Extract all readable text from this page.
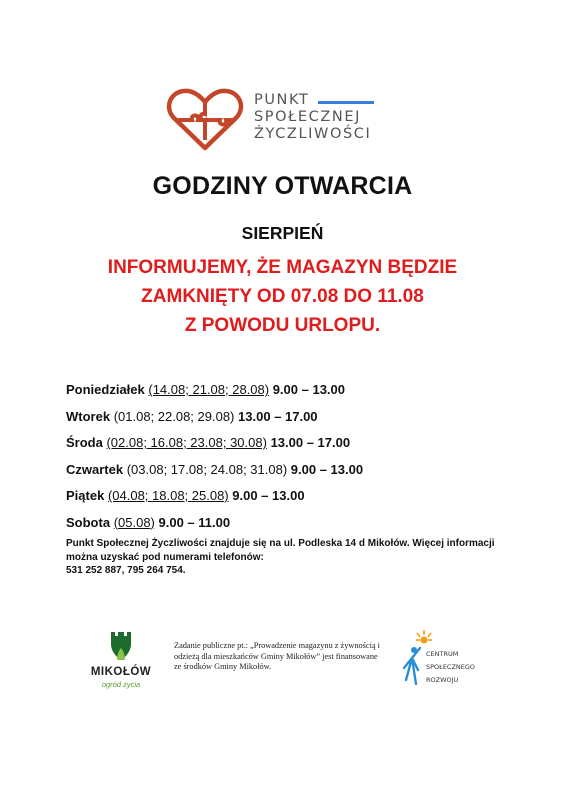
PUNKT
SPOŁECZNEJ
ŻYCZLIWOŚCI
GODZINY OTWARCIA
SIERPIEŃ
INFORMUJEMY, ŻE MAGAZYN BĘDZIE
ZAMKNIĘTY OD 07.08 DO 11.08
Z POWODU URLOPU.
Poniedziałek (14.08; 21.08; 28.08) 9.00 – 13.00
Wtorek (01.08; 22.08; 29.08) 13.00 – 17.00
Środa (02.08; 16.08; 23.08; 30.08) 13.00 – 17.00
Czwartek (03.08; 17.08; 24.08; 31.08) 9.00 – 13.00
Piątek (04.08; 18.08; 25.08) 9.00 – 13.00
Sobota (05.08) 9.00 – 11.00
Punkt Społecznej Życzliwości znajduje się na ul. Podleska 14 d Mikołów. Więcej informacji można uzyskać pod numerami telefonów:
531 252 887, 795 264 754.
MIKOŁÓW
ogród życia
Zadanie publiczne pt.: „Prowadzenie magazynu z żywnością i odzieżą dla mieszkańców Gminy Mikołów” jest finansowane ze środków Gminy Mikołów.
CENTRUM
SPOŁECZNEGO
ROZWOJU
